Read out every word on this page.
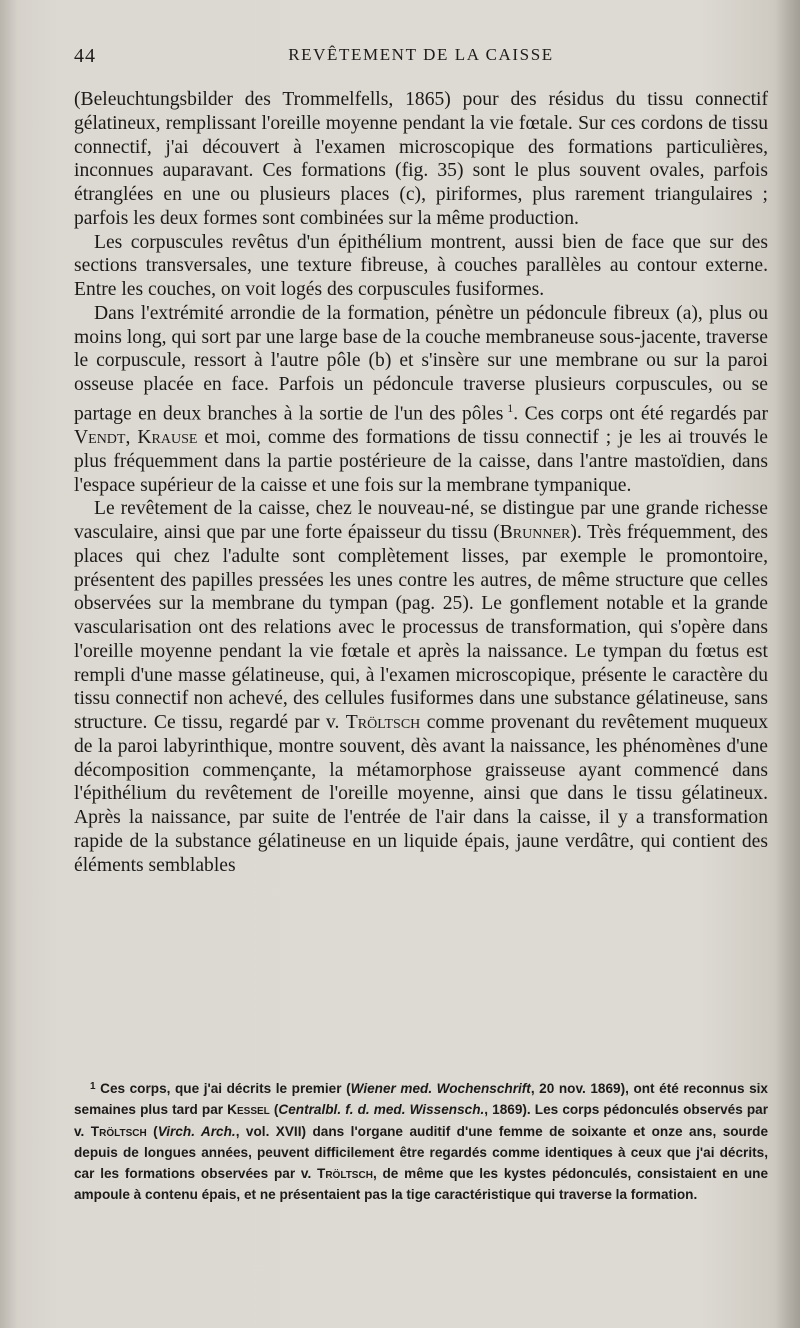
44	REVÊTEMENT DE LA CAISSE

(Beleuchtungsbilder des Trommelfells, 1865) pour des résidus du tissu connectif gélatineux, remplissant l'oreille moyenne pendant la vie fœtale. Sur ces cordons de tissu connectif, j'ai découvert à l'examen microscopique des formations particulières, inconnues auparavant. Ces formations (fig. 35) sont le plus souvent ovales, parfois étranglées en une ou plusieurs places (c), piriformes, plus rarement triangulaires ; parfois les deux formes sont combinées sur la même production.

Les corpuscules revêtus d'un épithélium montrent, aussi bien de face que sur des sections transversales, une texture fibreuse, à couches parallèles au contour externe. Entre les couches, on voit logés des corpuscules fusiformes.

Dans l'extrémité arrondie de la formation, pénètre un pédoncule fibreux (a), plus ou moins long, qui sort par une large base de la couche membraneuse sous-jacente, traverse le corpuscule, ressort à l'autre pôle (b) et s'insère sur une membrane ou sur la paroi osseuse placée en face. Parfois un pédoncule traverse plusieurs corpuscules, ou se partage en deux branches à la sortie de l'un des pôles  $^1$. Ces corps ont été regardés par Vendt, Krause et moi, comme des formations de tissu connectif ; je les ai trouvés le plus fréquemment dans la partie postérieure de la caisse, dans l'antre mastoïdien, dans l'espace supérieur de la caisse et une fois sur la membrane tympanique.

Le revêtement de la caisse, chez le nouveau-né, se distingue par une grande richesse vasculaire, ainsi que par une forte épaisseur du tissu (Brunner). Très fréquemment, des places qui chez l'adulte sont complètement lisses, par exemple le promontoire, présentent des papilles pressées les unes contre les autres, de même structure que celles observées sur la membrane du tympan (pag. 25). Le gonflement notable et la grande vascularisation ont des relations avec le processus de transformation, qui s'opère dans l'oreille moyenne pendant la vie fœtale et après la naissance. Le tympan du fœtus est rempli d'une masse gélatineuse, qui, à l'examen microscopique, présente le caractère du tissu connectif non achevé, des cellules fusiformes dans une substance gélatineuse, sans structure. Ce tissu, regardé par v. Tröltsch comme provenant du revêtement muqueux de la paroi labyrinthique, montre souvent, dès avant la naissance, les phénomènes d'une décomposition commençante, la métamorphose graisseuse ayant commencé dans l'épithélium du revêtement de l'oreille moyenne, ainsi que dans le tissu gélatineux. Après la naissance, par suite de l'entrée de l'air dans la caisse, il y a transformation rapide de la substance gélatineuse en un liquide épais, jaune verdâtre, qui contient des éléments semblables

$^1$ Ces corps, que j'ai décrits le premier (Wiener med. Wochenschrift, 20 nov. 1869), ont été reconnus six semaines plus tard par Kessel (Centralbl. f. d. med. Wissensch., 1869). Les corps pédonculés observés par v. Tröltsch (Virch. Arch., vol. XVII) dans l'organe auditif d'une femme de soixante et onze ans, sourde depuis de longues années, peuvent difficilement être regardés comme identiques à ceux que j'ai décrits, car les formations observées par v. Tröltsch, de même que les kystes pédonculés, consistaient en une ampoule à contenu épais, et ne présentaient pas la tige caractéristique qui traverse la formation.
